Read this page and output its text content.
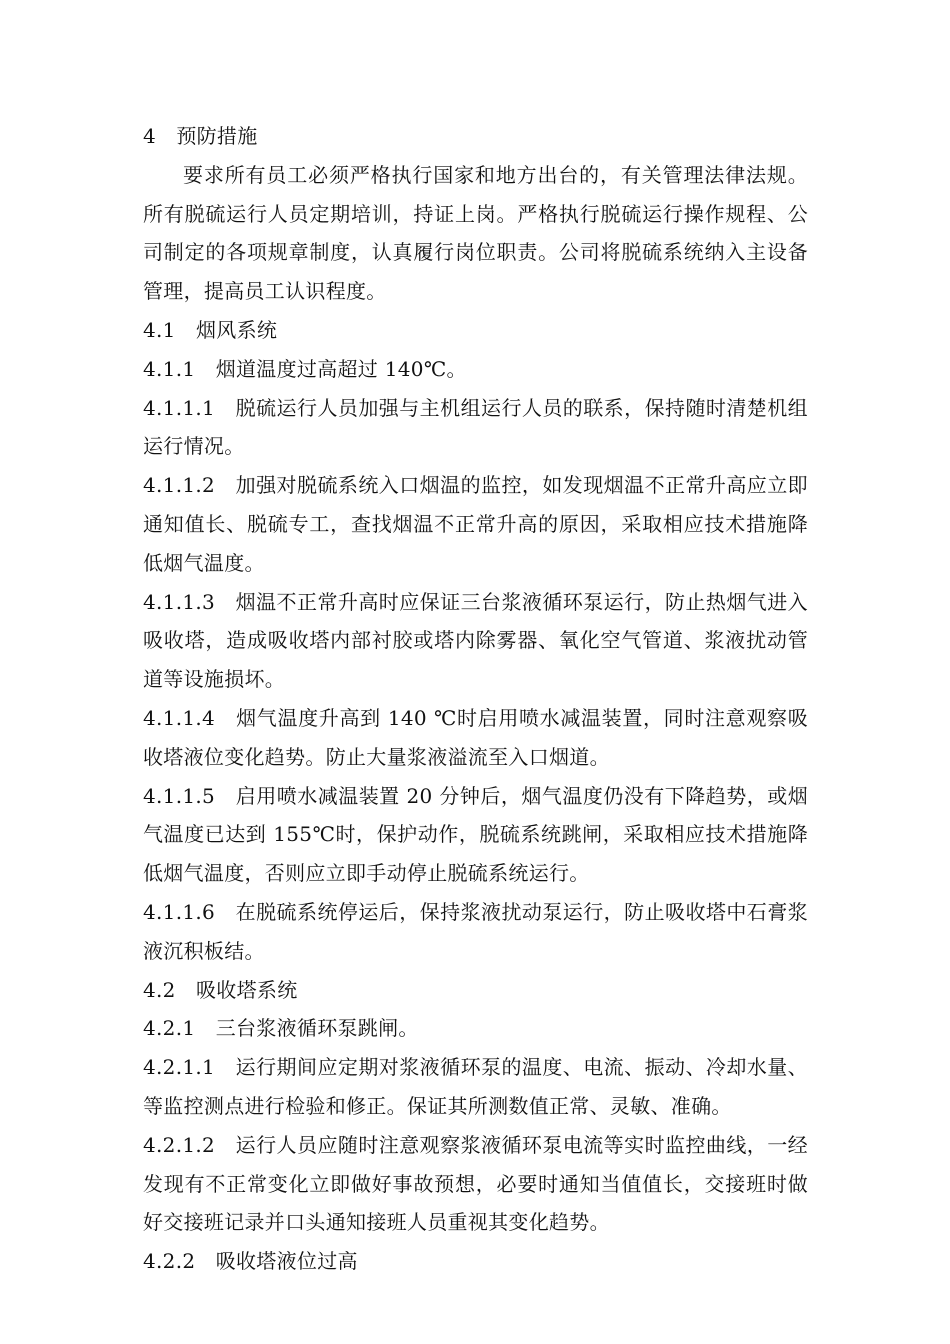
4　预防措施

要求所有员工必须严格执行国家和地方出台的，有关管理法律法规。所有脱硫运行人员定期培训，持证上岗。严格执行脱硫运行操作规程、公司制定的各项规章制度，认真履行岗位职责。公司将脱硫系统纳入主设备管理，提高员工认识程度。

4.1　烟风系统

4.1.1　烟道温度过高超过 140℃。

4.1.1.1　 脱硫运行人员加强与主机组运行人员的联系，保持随时清楚机组运行情况。

4.1.1.2　 加强对脱硫系统入口烟温的监控，如发现烟温不正常升高应立即通知值长、脱硫专工，查找烟温不正常升高的原因，采取相应技术措施降低烟气温度。

4.1.1.3　 烟温不正常升高时应保证三台浆液循环泵运行，防止热烟气进入吸收塔，造成吸收塔内部衬胶或塔内除雾器、氧化空气管道、浆液扰动管道等设施损坏。

4.1.1.4　 烟气温度升高到 140 ℃时启用喷水减温装置，同时注意观察吸收塔液位变化趋势。防止大量浆液溢流至入口烟道。

4.1.1.5　 启用喷水减温装置 20 分钟后，烟气温度仍没有下降趋势，或烟气温度已达到 155℃时，保护动作，脱硫系统跳闸，采取相应技术措施降低烟气温度，否则应立即手动停止脱硫系统运行。

4.1.1.6　 在脱硫系统停运后，保持浆液扰动泵运行，防止吸收塔中石膏浆液沉积板结。

4.2　吸收塔系统

4.2.1　三台浆液循环泵跳闸。

4.2.1.1　 运行期间应定期对浆液循环泵的温度、电流、振动、冷却水量、等监控测点进行检验和修正。保证其所测数值正常、灵敏、准确。

4.2.1.2　 运行人员应随时注意观察浆液循环泵电流等实时监控曲线，一经发现有不正常变化立即做好事故预想，必要时通知当值值长，交接班时做好交接班记录并口头通知接班人员重视其变化趋势。

4.2.2　吸收塔液位过高
